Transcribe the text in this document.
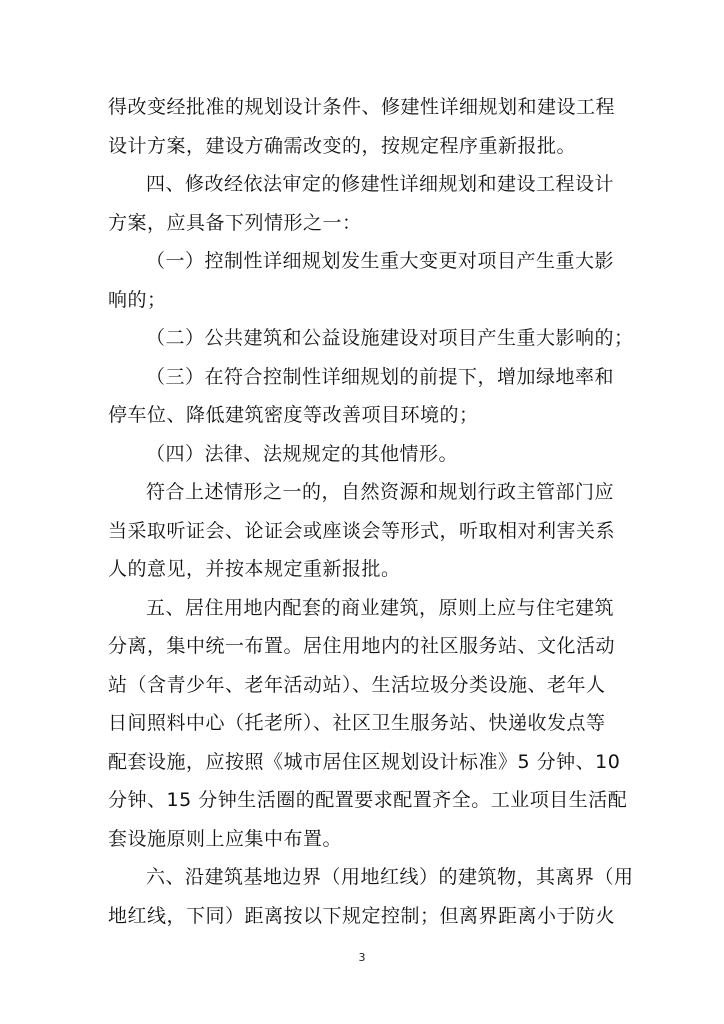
得改变经批准的规划设计条件、修建性详细规划和建设工程
设计方案，建设方确需改变的，按规定程序重新报批。
四、修改经依法审定的修建性详细规划和建设工程设计
方案，应具备下列情形之一：
（一）控制性详细规划发生重大变更对项目产生重大影
响的；
（二）公共建筑和公益设施建设对项目产生重大影响的；
（三）在符合控制性详细规划的前提下，增加绿地率和
停车位、降低建筑密度等改善项目环境的；
（四）法律、法规规定的其他情形。
符合上述情形之一的，自然资源和规划行政主管部门应
当采取听证会、论证会或座谈会等形式，听取相对利害关系
人的意见，并按本规定重新报批。
五、居住用地内配套的商业建筑，原则上应与住宅建筑
分离，集中统一布置。居住用地内的社区服务站、文化活动
站（含青少年、老年活动站）、生活垃圾分类设施、老年人
日间照料中心（托老所）、社区卫生服务站、快递收发点等
配套设施，应按照《城市居住区规划设计标准》5 分钟、10
分钟、15 分钟生活圈的配置要求配置齐全。工业项目生活配
套设施原则上应集中布置。
六、沿建筑基地边界（用地红线）的建筑物，其离界（用
地红线，下同）距离按以下规定控制；但离界距离小于防火
3
